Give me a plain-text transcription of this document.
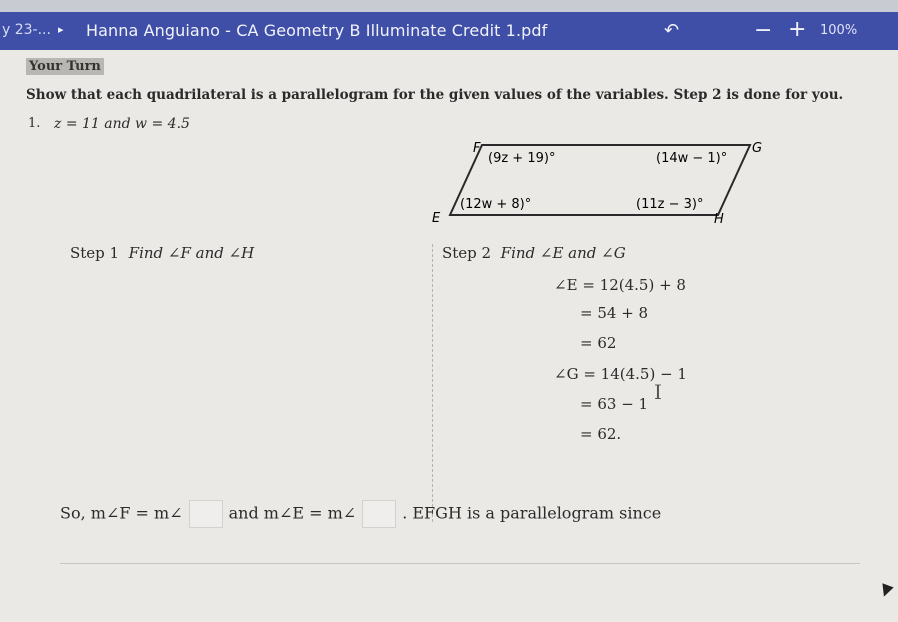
y 23-... ▸ Hanna Anguiano - CA Geometry B Illuminate Credit 1.pdf	↶	− + 100%
Your Turn
Show that each quadrilateral is a parallelogram for the given values of the variables. Step 2 is done for you.
1. z = 11 and w = 4.5
F	G
E	H
(9z + 19)°	(14w − 1)°
(12w + 8)°	(11z − 3)°
Step 1 Find ∠F and ∠H	Step 2 Find ∠E and ∠G
∠E = 12(4.5) + 8
= 54 + 8
= 62
∠G = 14(4.5) − 1
= 63 − 1
= 62.
I
So, m∠F = m∠	and m∠E = m∠	. EFGH is a parallelogram since
